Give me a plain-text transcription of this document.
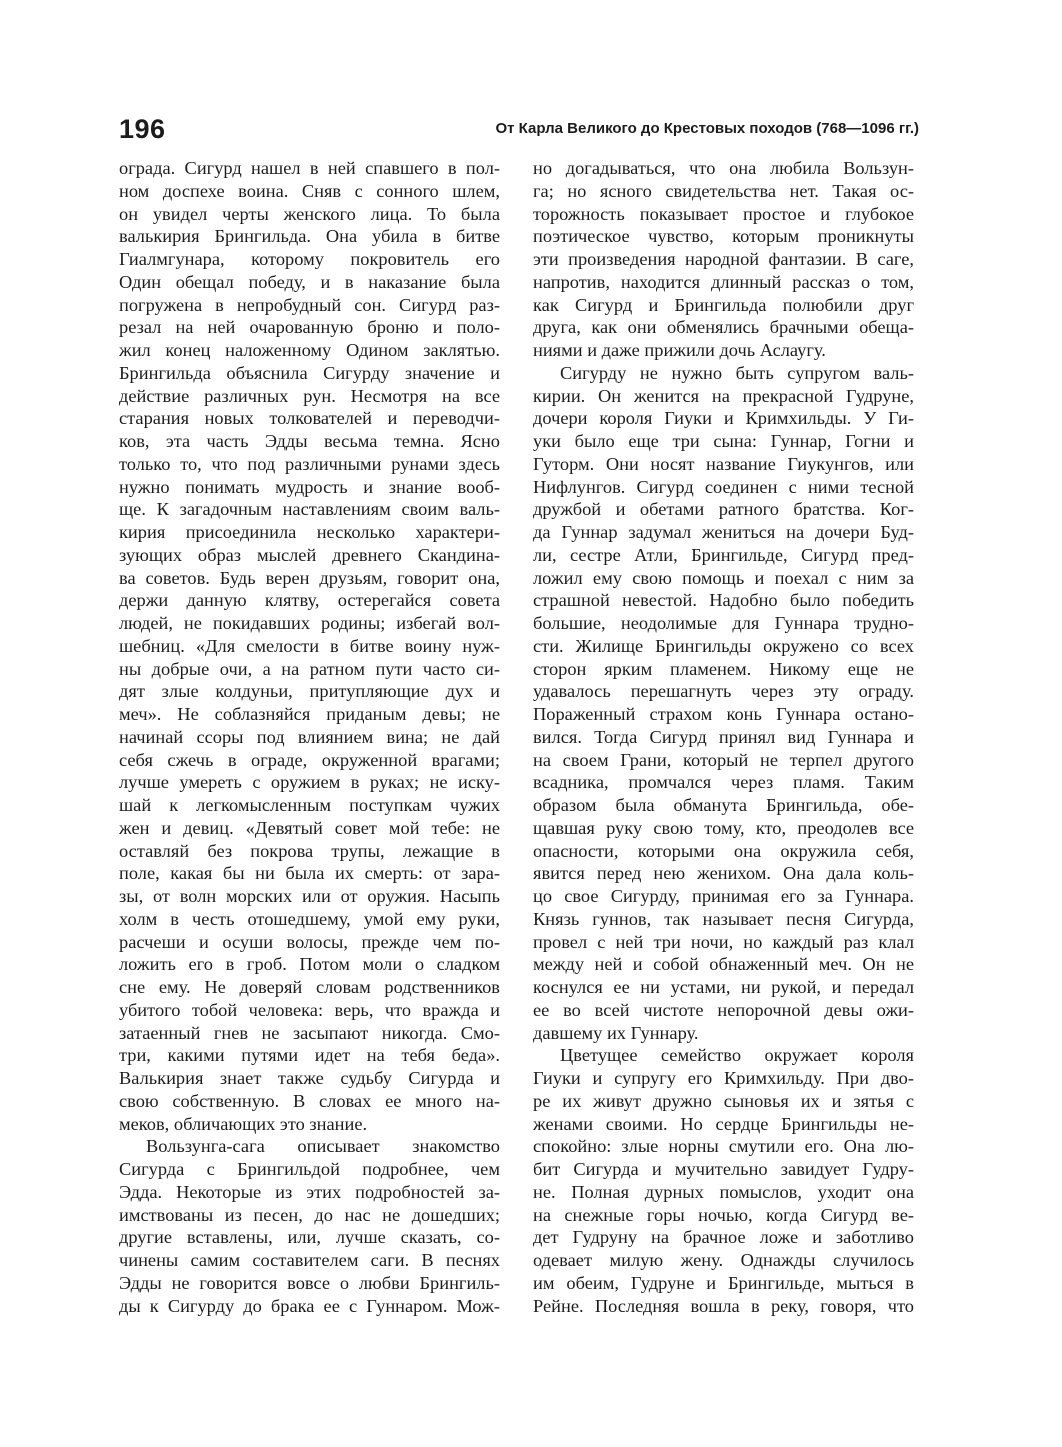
196	От Карла Великого до Крестовых походов (768—1096 гг.)
ограда. Сигурд нашел в ней спавшего в пол-
ном доспехе воина. Сняв с сонного шлем,
он увидел черты женского лица. То была
валькирия Брингильда. Она убила в битве
Гиалмгунара, которому покровитель его
Один обещал победу, и в наказание была
погружена в непробудный сон. Сигурд раз-
резал на ней очарованную броню и поло-
жил конец наложенному Одином заклятью.
Брингильда объяснила Сигурду значение и
действие различных рун. Несмотря на все
старания новых толкователей и переводчи-
ков, эта часть Эдды весьма темна. Ясно
только то, что под различными рунами здесь
нужно понимать мудрость и знание вооб-
ще. К загадочным наставлениям своим валь-
кирия присоединила несколько характери-
зующих образ мыслей древнего Скандина-
ва советов. Будь верен друзьям, говорит она,
держи данную клятву, остерегайся совета
людей, не покидавших родины; избегай вол-
шебниц. «Для смелости в битве воину нуж-
ны добрые очи, а на ратном пути часто си-
дят злые колдуньи, притупляющие дух и
меч». Не соблазняйся приданым девы; не
начинай ссоры под влиянием вина; не дай
себя сжечь в ограде, окруженной врагами;
лучше умереть с оружием в руках; не иску-
шай к легкомысленным поступкам чужих
жен и девиц. «Девятый совет мой тебе: не
оставляй без покрова трупы, лежащие в
поле, какая бы ни была их смерть: от зара-
зы, от волн морских или от оружия. Насыпь
холм в честь отошедшему, умой ему руки,
расчеши и осуши волосы, прежде чем по-
ложить его в гроб. Потом моли о сладком
сне ему. Не доверяй словам родственников
убитого тобой человека: верь, что вражда и
затаенный гнев не засыпают никогда. Смо-
три, какими путями идет на тебя беда».
Валькирия знает также судьбу Сигурда и
свою собственную. В словах ее много на-
меков, обличающих это знание.
Вользунга-сага описывает знакомство
Сигурда с Брингильдой подробнее, чем
Эдда. Некоторые из этих подробностей за-
имствованы из песен, до нас не дошедших;
другие вставлены, или, лучше сказать, со-
чинены самим составителем саги. В песнях
Эдды не говорится вовсе о любви Брингиль-
ды к Сигурду до брака ее с Гуннаром. Мож-
но догадываться, что она любила Вользун-
га; но ясного свидетельства нет. Такая ос-
торожность показывает простое и глубокое
поэтическое чувство, которым проникнуты
эти произведения народной фантазии. В саге,
напротив, находится длинный рассказ о том,
как Сигурд и Брингильда полюбили друг
друга, как они обменялись брачными обеща-
ниями и даже прижили дочь Аслаугу.
Сигурду не нужно быть супругом валь-
кирии. Он женится на прекрасной Гудруне,
дочери короля Гиуки и Кримхильды. У Ги-
уки было еще три сына: Гуннар, Гогни и
Гуторм. Они носят название Гиукунгов, или
Нифлунгов. Сигурд соединен с ними тесной
дружбой и обетами ратного братства. Ког-
да Гуннар задумал жениться на дочери Буд-
ли, сестре Атли, Брингильде, Сигурд пред-
ложил ему свою помощь и поехал с ним за
страшной невестой. Надобно было победить
большие, неодолимые для Гуннара трудно-
сти. Жилище Брингильды окружено со всех
сторон ярким пламенем. Никому еще не
удавалось перешагнуть через эту ограду.
Пораженный страхом конь Гуннара остано-
вился. Тогда Сигурд принял вид Гуннара и
на своем Грани, который не терпел другого
всадника, промчался через пламя. Таким
образом была обманута Брингильда, обе-
щавшая руку свою тому, кто, преодолев все
опасности, которыми она окружила себя,
явится перед нею женихом. Она дала коль-
цо свое Сигурду, принимая его за Гуннара.
Князь гуннов, так называет песня Сигурда,
провел с ней три ночи, но каждый раз клал
между ней и собой обнаженный меч. Он не
коснулся ее ни устами, ни рукой, и передал
ее во всей чистоте непорочной девы ожи-
давшему их Гуннару.
Цветущее семейство окружает короля
Гиуки и супругу его Кримхильду. При дво-
ре их живут дружно сыновья их и зятья с
женами своими. Но сердце Брингильды не-
спокойно: злые норны смутили его. Она лю-
бит Сигурда и мучительно завидует Гудру-
не. Полная дурных помыслов, уходит она
на снежные горы ночью, когда Сигурд ве-
дет Гудруну на брачное ложе и заботливо
одевает милую жену. Однажды случилось
им обеим, Гудруне и Брингильде, мыться в
Рейне. Последняя вошла в реку, говоря, что
